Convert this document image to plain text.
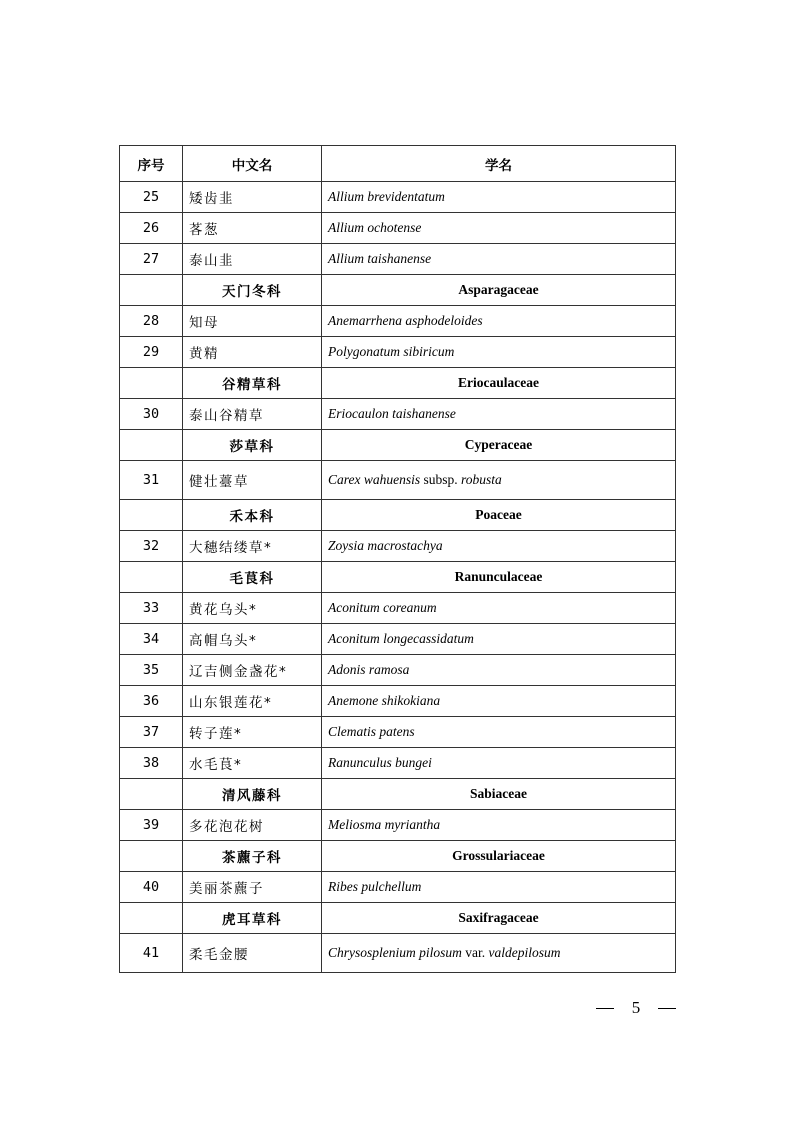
序号	中文名	学名
25	矮齿韭	Allium brevidentatum
26	茖葱	Allium ochotense
27	泰山韭	Allium taishanense
	天门冬科	Asparagaceae
28	知母	Anemarrhena asphodeloides
29	黄精	Polygonatum sibiricum
	谷精草科	Eriocaulaceae
30	泰山谷精草	Eriocaulon taishanense
	莎草科	Cyperaceae
31	健壮薹草	Carex wahuensis subsp. robusta
	禾本科	Poaceae
32	大穗结缕草*	Zoysia macrostachya
	毛茛科	Ranunculaceae
33	黄花乌头*	Aconitum coreanum
34	高帽乌头*	Aconitum longecassidatum
35	辽吉侧金盏花*	Adonis ramosa
36	山东银莲花*	Anemone shikokiana
37	转子莲*	Clematis patens
38	水毛茛*	Ranunculus bungei
	清风藤科	Sabiaceae
39	多花泡花树	Meliosma myriantha
	茶藨子科	Grossulariaceae
40	美丽茶藨子	Ribes pulchellum
	虎耳草科	Saxifragaceae
41	柔毛金腰	Chrysosplenium pilosum var. valdepilosum
5
